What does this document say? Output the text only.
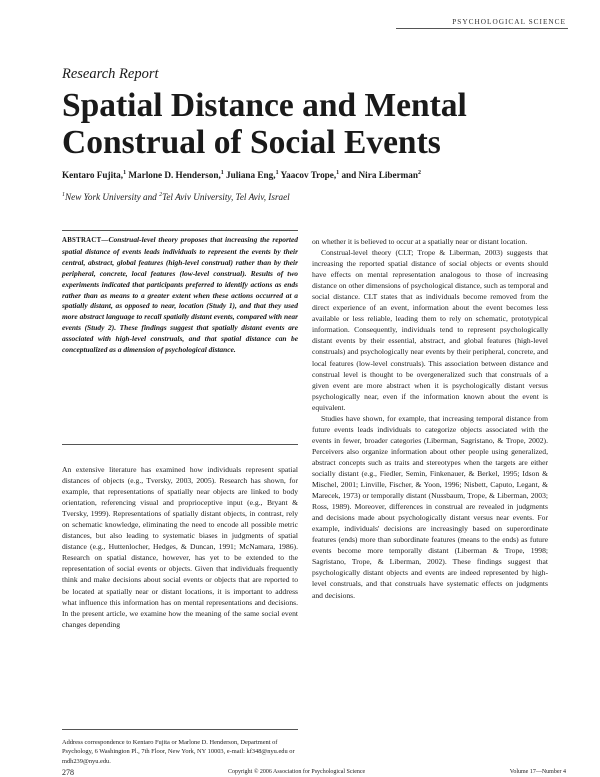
PSYCHOLOGICAL SCIENCE
Research Report
Spatial Distance and Mental
Construal of Social Events
Kentaro Fujita,$^1$ Marlone D. Henderson,$^1$ Juliana Eng,$^1$ Yaacov Trope,$^1$ and Nira Liberman$^2$
$^1$New York University and $^2$Tel Aviv University, Tel Aviv, Israel

ABSTRACT—Construal-level theory proposes that increasing the reported spatial distance of events leads individuals to represent the events by their central, abstract, global features (high-level construal) rather than by their peripheral, concrete, local features (low-level construal). Results of two experiments indicated that participants preferred to identify actions as ends rather than as means to a greater extent when these actions occurred at a spatially distant, as opposed to near, location (Study 1), and that they used more abstract language to recall spatially distant events, compared with near events (Study 2). These findings suggest that spatially distant events are associated with high-level construals, and that spatial distance can be conceptualized as a dimension of psychological distance.

An extensive literature has examined how individuals represent spatial distances of objects (e.g., Tversky, 2003, 2005). Research has shown, for example, that representations of spatially near objects are linked to body orientation, referencing visual and proprioceptive input (e.g., Bryant & Tversky, 1999). Representations of spatially distant objects, in contrast, rely on schematic knowledge, eliminating the need to encode all possible metric distances, but also leading to systematic biases in judgments of spatial distance (e.g., Huttenlocher, Hedges, & Duncan, 1991; McNamara, 1986). Research on spatial distance, however, has yet to be extended to the representation of social events or objects. Given that individuals frequently think and make decisions about social events or objects that are reported to be located at spatially near or distant locations, it is important to address what influence this information has on mental representations and decisions. In the present article, we examine how the meaning of the same social event changes depending

on whether it is believed to occur at a spatially near or distant location.

Construal-level theory (CLT; Trope & Liberman, 2003) suggests that increasing the reported spatial distance of social objects or events should have effects on mental representation analogous to those of increasing distance on other dimensions of psychological distance, such as temporal and social distance. CLT states that as individuals become removed from the direct experience of an event, information about the event becomes less available or less reliable, leading them to rely on schematic, prototypical information. Consequently, individuals tend to represent psychologically distant events by their essential, abstract, and global features (high-level construals) and psychologically near events by their peripheral, concrete, and local features (low-level construals). This association between distance and construal level is thought to be overgeneralized such that construals of a given event are more abstract when it is psychologically distant versus psychologically near, even if the information known about the event is equivalent.

Studies have shown, for example, that increasing temporal distance from future events leads individuals to categorize objects associated with the events in fewer, broader categories (Liberman, Sagristano, & Trope, 2002). Perceivers also organize information about other people using generalized, abstract concepts such as traits and stereotypes when the targets are either socially distant (e.g., Fiedler, Semin, Finkenauer, & Berkel, 1995; Idson & Mischel, 2001; Linville, Fischer, & Yoon, 1996; Nisbett, Caputo, Legant, & Marecek, 1973) or temporally distant (Nussbaum, Trope, & Liberman, 2003; Ross, 1989). Moreover, differences in construal are revealed in judgments and decisions made about psychologically distant versus near events. For example, individuals' decisions are increasingly based on superordinate features (ends) more than subordinate features (means to the ends) as future events become more temporally distant (Liberman & Trope, 1998; Sagristano, Trope, & Liberman, 2002). These findings suggest that psychologically distant objects and events are indeed represented by high-level construals, and that construals have systematic effects on judgments and decisions.

Address correspondence to Kentaro Fujita or Marlone D. Henderson, Department of Psychology, 6 Washington Pl., 7th Floor, New York, NY 10003, e-mail: kf348@nyu.edu or mdh239@nyu.edu.
278	Copyright © 2006 Association for Psychological Science	Volume 17—Number 4
